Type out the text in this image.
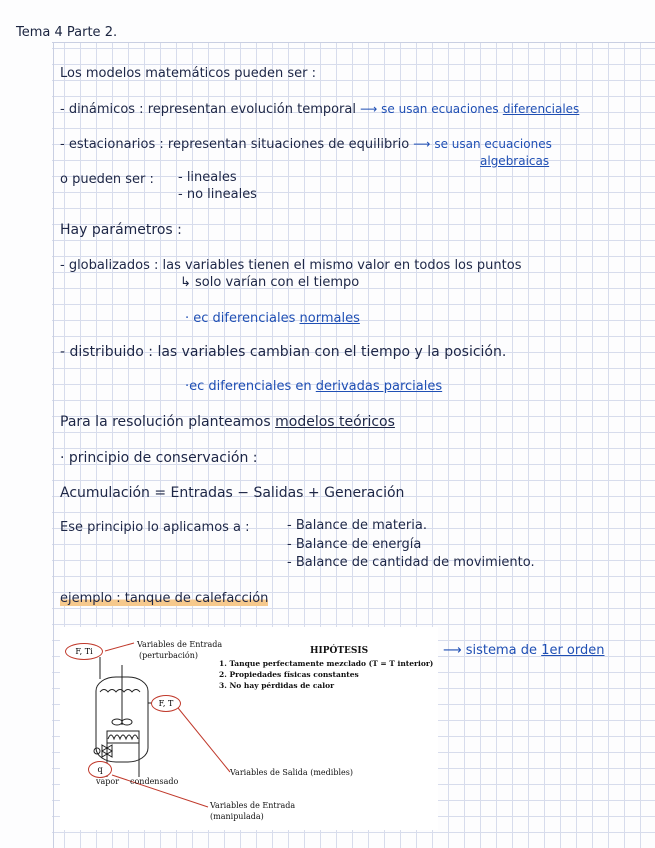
Tema 4 Parte 2.
Los modelos matemáticos pueden ser :
- dinámicos : representan evolución temporal ⟶ se usan ecuaciones diferenciales
- estacionarios : representan situaciones de equilibrio ⟶ se usan ecuaciones
algebraicas
o pueden ser : - lineales
- no lineales
Hay parámetros :
- globalizados : las variables tienen el mismo valor en todos los puntos
↳ solo varían con el tiempo
· ec diferenciales normales
- distribuido : las variables cambian con el tiempo y la posición.
·ec diferenciales en derivadas parciales
Para la resolución planteamos modelos teóricos
· principio de conservación :
Acumulación = Entradas − Salidas + Generación
Ese principio lo aplicamos a :	- Balance de materia.
- Balance de energía
- Balance de cantidad de movimiento.
ejemplo : tanque de calefacción
⟶ sistema de 1er orden
F, Ti
F, T
q
Variables de Entrada
(perturbación)	HIPÓTESIS
1. Tanque perfectamente mezclado (T = T interior)
2. Propiedades físicas constantes
3. No hay pérdidas de calor
Variables de Salida (medibles)
vapor condensado
Variables de Entrada
(manipulada)
